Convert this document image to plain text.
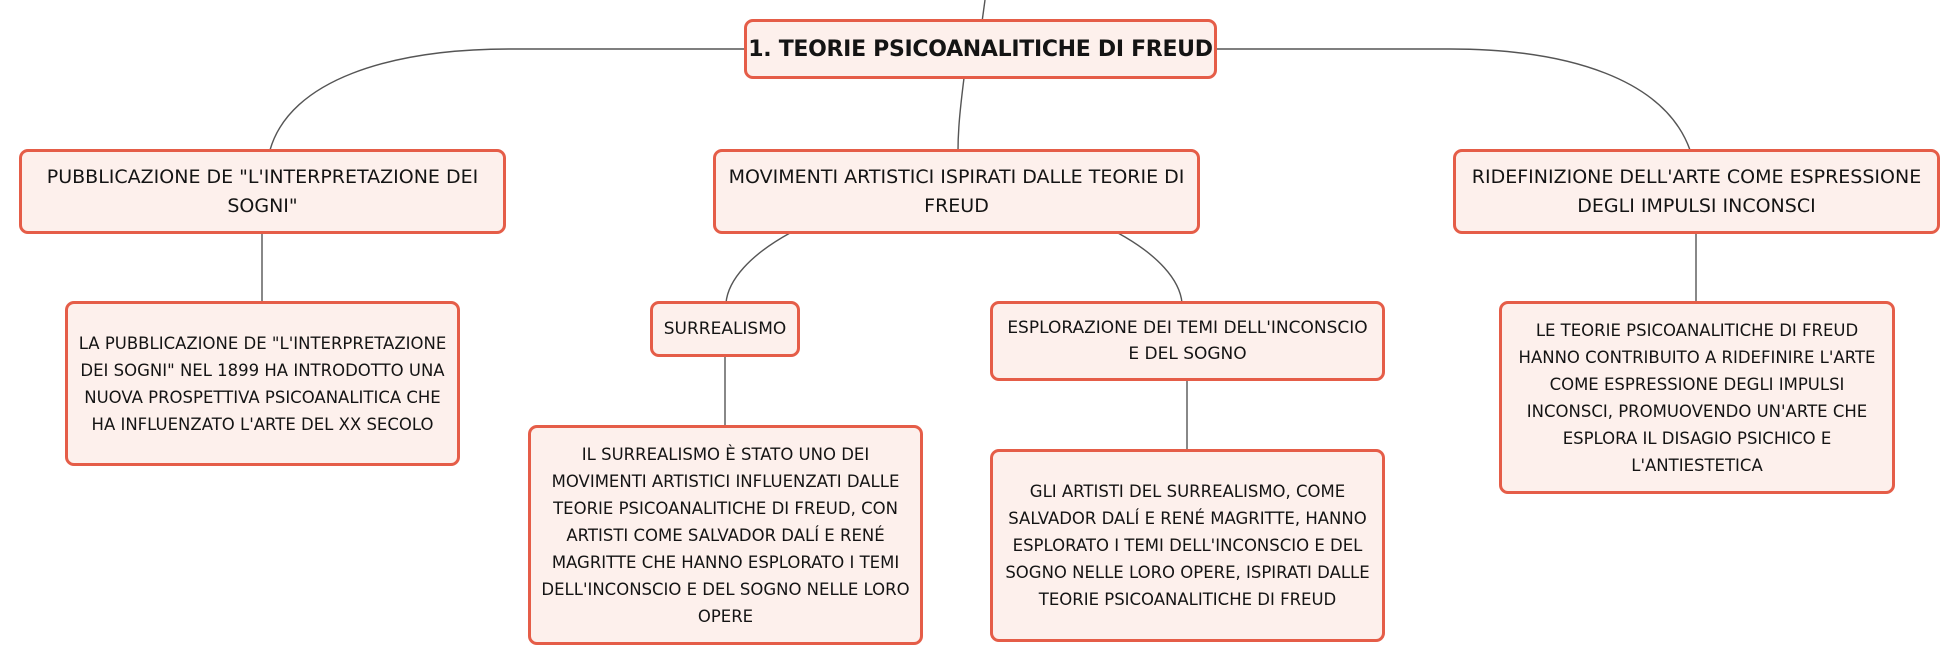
1. TEORIE PSICOANALITICHE DI FREUD
PUBBLICAZIONE DE "L'INTERPRETAZIONE DEI SOGNI"
MOVIMENTI ARTISTICI ISPIRATI DALLE TEORIE DI FREUD
RIDEFINIZIONE DELL'ARTE COME ESPRESSIONE DEGLI IMPULSI INCONSCI
LA PUBBLICAZIONE DE "L'INTERPRETAZIONE DEI SOGNI" NEL 1899 HA INTRODOTTO UNA NUOVA PROSPETTIVA PSICOANALITICA CHE HA INFLUENZATO L'ARTE DEL XX SECOLO
SURREALISMO	ESPLORAZIONE DEI TEMI DELL'INCONSCIO E DEL SOGNO
IL SURREALISMO È STATO UNO DEI MOVIMENTI ARTISTICI INFLUENZATI DALLE TEORIE PSICOANALITICHE DI FREUD, CON ARTISTI COME SALVADOR DALÍ E RENÉ MAGRITTE CHE HANNO ESPLORATO I TEMI DELL'INCONSCIO E DEL SOGNO NELLE LORO OPERE
GLI ARTISTI DEL SURREALISMO, COME SALVADOR DALÍ E RENÉ MAGRITTE, HANNO ESPLORATO I TEMI DELL'INCONSCIO E DEL SOGNO NELLE LORO OPERE, ISPIRATI DALLE TEORIE PSICOANALITICHE DI FREUD
LE TEORIE PSICOANALITICHE DI FREUD HANNO CONTRIBUITO A RIDEFINIRE L'ARTE COME ESPRESSIONE DEGLI IMPULSI INCONSCI, PROMUOVENDO UN'ARTE CHE ESPLORA IL DISAGIO PSICHICO E L'ANTIESTETICA
